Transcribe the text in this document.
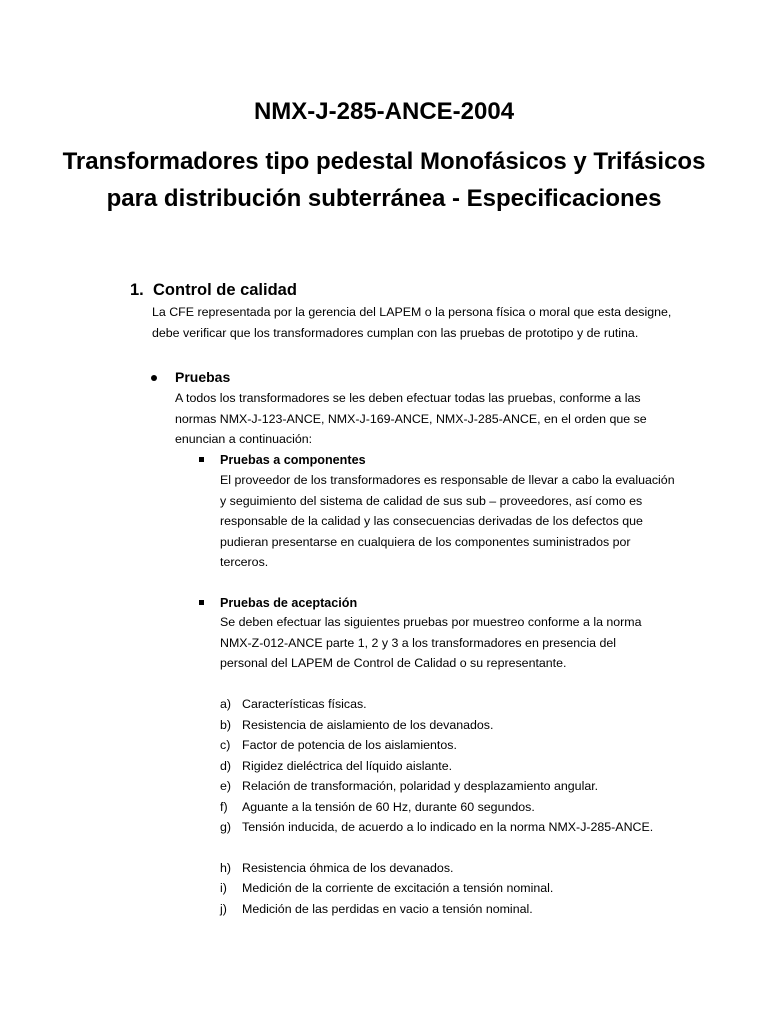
NMX-J-285-ANCE-2004
Transformadores tipo pedestal Monofásicos y Trifásicos para distribución subterránea - Especificaciones
1. Control de calidad
La CFE representada por la gerencia del LAPEM o la persona física o moral que esta designe, debe verificar que los transformadores cumplan con las pruebas de prototipo y de rutina.
Pruebas
A todos los transformadores se les deben efectuar todas las pruebas, conforme a las normas NMX-J-123-ANCE, NMX-J-169-ANCE, NMX-J-285-ANCE, en el orden que se enuncian a continuación:
Pruebas a componentes
El proveedor de los transformadores es responsable de llevar a cabo la evaluación y seguimiento del sistema de calidad de sus sub – proveedores, así como es responsable de la calidad y las consecuencias derivadas de los defectos que pudieran presentarse en cualquiera de los componentes suministrados por terceros.
Pruebas de aceptación
Se deben efectuar las siguientes pruebas por muestreo conforme a la norma NMX-Z-012-ANCE parte 1, 2 y 3 a los transformadores en presencia del personal del LAPEM de Control de Calidad o su representante.
a) Características físicas.
b) Resistencia de aislamiento de los devanados.
c) Factor de potencia de los aislamientos.
d) Rigidez dieléctrica del líquido aislante.
e) Relación de transformación, polaridad y desplazamiento angular.
f)	Aguante a la tensión de 60 Hz, durante 60 segundos.
g) Tensión inducida, de acuerdo a lo indicado en la norma NMX-J-285-ANCE.
h) Resistencia óhmica de los devanados.
i)	Medición de la corriente de excitación a tensión nominal.
j)	Medición de las perdidas en vacio a tensión nominal.
